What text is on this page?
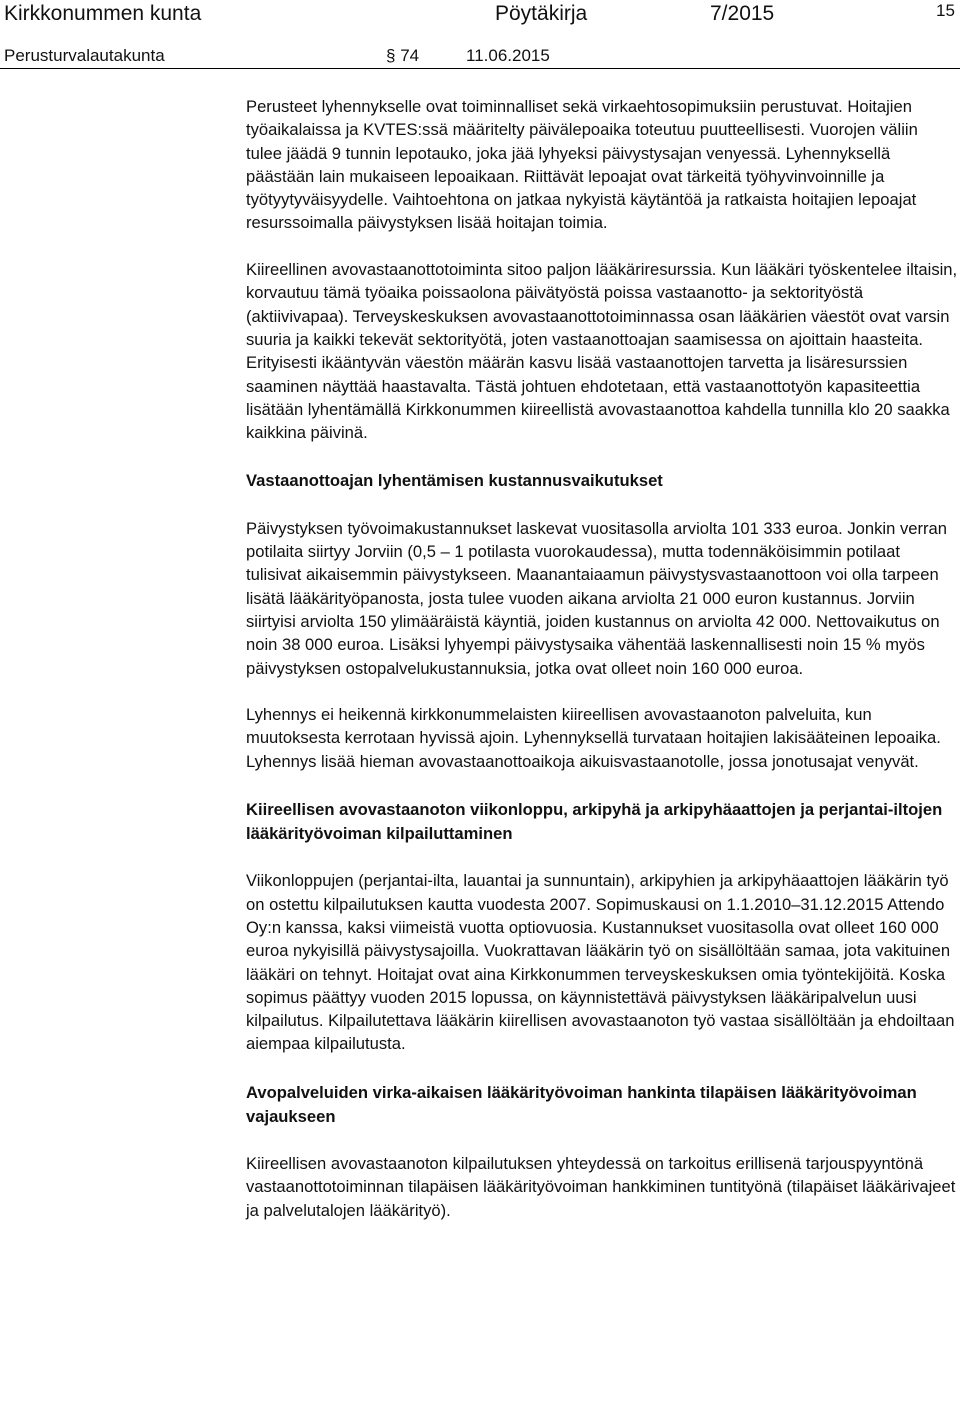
Kirkkonummen kunta	Pöytäkirja	7/2015	15
Perusturvalautakunta	§ 74	11.06.2015

Perusteet lyhennykselle ovat toiminnalliset sekä virkaehtosopimuksiin perustuvat. Hoitajien työaikalaissa ja KVTES:ssä määritelty päivälepoaika toteutuu puutteellisesti. Vuorojen väliin tulee jäädä 9 tunnin lepotauko, joka jää lyhyeksi päivystysajan venyessä. Lyhennyksellä päästään lain mukaiseen lepoaikaan. Riittävät lepoajat ovat tärkeitä työhyvinvoinnille ja työtyytyväisyydelle. Vaihtoehtona on jatkaa nykyistä käytäntöä ja ratkaista hoitajien lepoajat resurssoimalla päivystyksen lisää hoitajan toimia.

Kiireellinen avovastaanottotoiminta sitoo paljon lääkäriresurssia. Kun lääkäri työskentelee iltaisin, korvautuu tämä työaika poissaolona päivätyöstä poissa vastaanotto- ja sektorityöstä (aktiivivapaa). Terveyskeskuksen avovastaanottotoiminnassa osan lääkärien väestöt ovat varsin suuria ja kaikki tekevät sektorityötä, joten vastaanottoajan saamisessa on ajoittain haasteita. Erityisesti ikääntyvän väestön määrän kasvu lisää vastaanottojen tarvetta ja lisäresurssien saaminen näyttää haastavalta. Tästä johtuen ehdotetaan, että vastaanottotyön kapasiteettia lisätään lyhentämällä Kirkkonummen kiireellistä avovastaanottoa kahdella tunnilla klo 20 saakka kaikkina päivinä.

Vastaanottoajan lyhentämisen kustannusvaikutukset

Päivystyksen työvoimakustannukset laskevat vuositasolla arviolta 101 333 euroa. Jonkin verran potilaita siirtyy Jorviin (0,5 – 1 potilasta vuorokaudessa), mutta todennäköisimmin potilaat tulisivat aikaisemmin päivystykseen. Maanantaiaamun päivystysvastaanottoon voi olla tarpeen lisätä lääkärityöpanosta, josta tulee vuoden aikana arviolta 21 000 euron kustannus. Jorviin siirtyisi arviolta 150 ylimääräistä käyntiä, joiden kustannus on arviolta 42 000. Nettovaikutus on noin 38 000 euroa. Lisäksi lyhyempi päivystysaika vähentää laskennallisesti noin 15 % myös päivystyksen ostopalvelukustannuksia, jotka ovat olleet noin 160 000 euroa.

Lyhennys ei heikennä kirkkonummelaisten kiireellisen avovastaanoton palveluita, kun muutoksesta kerrotaan hyvissä ajoin. Lyhennyksellä turvataan hoitajien lakisääteinen lepoaika. Lyhennys lisää hieman avovastaanottoaikoja aikuisvastaanotolle, jossa jonotusajat venyvät.

Kiireellisen avovastaanoton viikonloppu, arkipyhä ja arkipyhäaattojen ja perjantai-iltojen lääkärityövoiman kilpailuttaminen

Viikonloppujen (perjantai-ilta, lauantai ja sunnuntain), arkipyhien ja arkipyhäaattojen lääkärin työ on ostettu kilpailutuksen kautta vuodesta 2007. Sopimuskausi on 1.1.2010–31.12.2015 Attendo Oy:n kanssa, kaksi viimeistä vuotta optiovuosia. Kustannukset vuositasolla ovat olleet 160 000 euroa nykyisillä päivystysajoilla. Vuokrattavan lääkärin työ on sisällöltään samaa, jota vakituinen lääkäri on tehnyt. Hoitajat ovat aina Kirkkonummen terveyskeskuksen omia työntekijöitä. Koska sopimus päättyy vuoden 2015 lopussa, on käynnistettävä päivystyksen lääkäripalvelun uusi kilpailutus. Kilpailutettava lääkärin kiirellisen avovastaanoton työ vastaa sisällöltään ja ehdoiltaan aiempaa kilpailutusta.

Avopalveluiden virka-aikaisen lääkärityövoiman hankinta tilapäisen lääkärityövoiman vajaukseen

Kiireellisen avovastaanoton kilpailutuksen yhteydessä on tarkoitus erillisenä tarjouspyyntönä vastaanottotoiminnan tilapäisen lääkärityövoiman hankkiminen tuntityönä (tilapäiset lääkärivajeet ja palvelutalojen lääkärityö).
